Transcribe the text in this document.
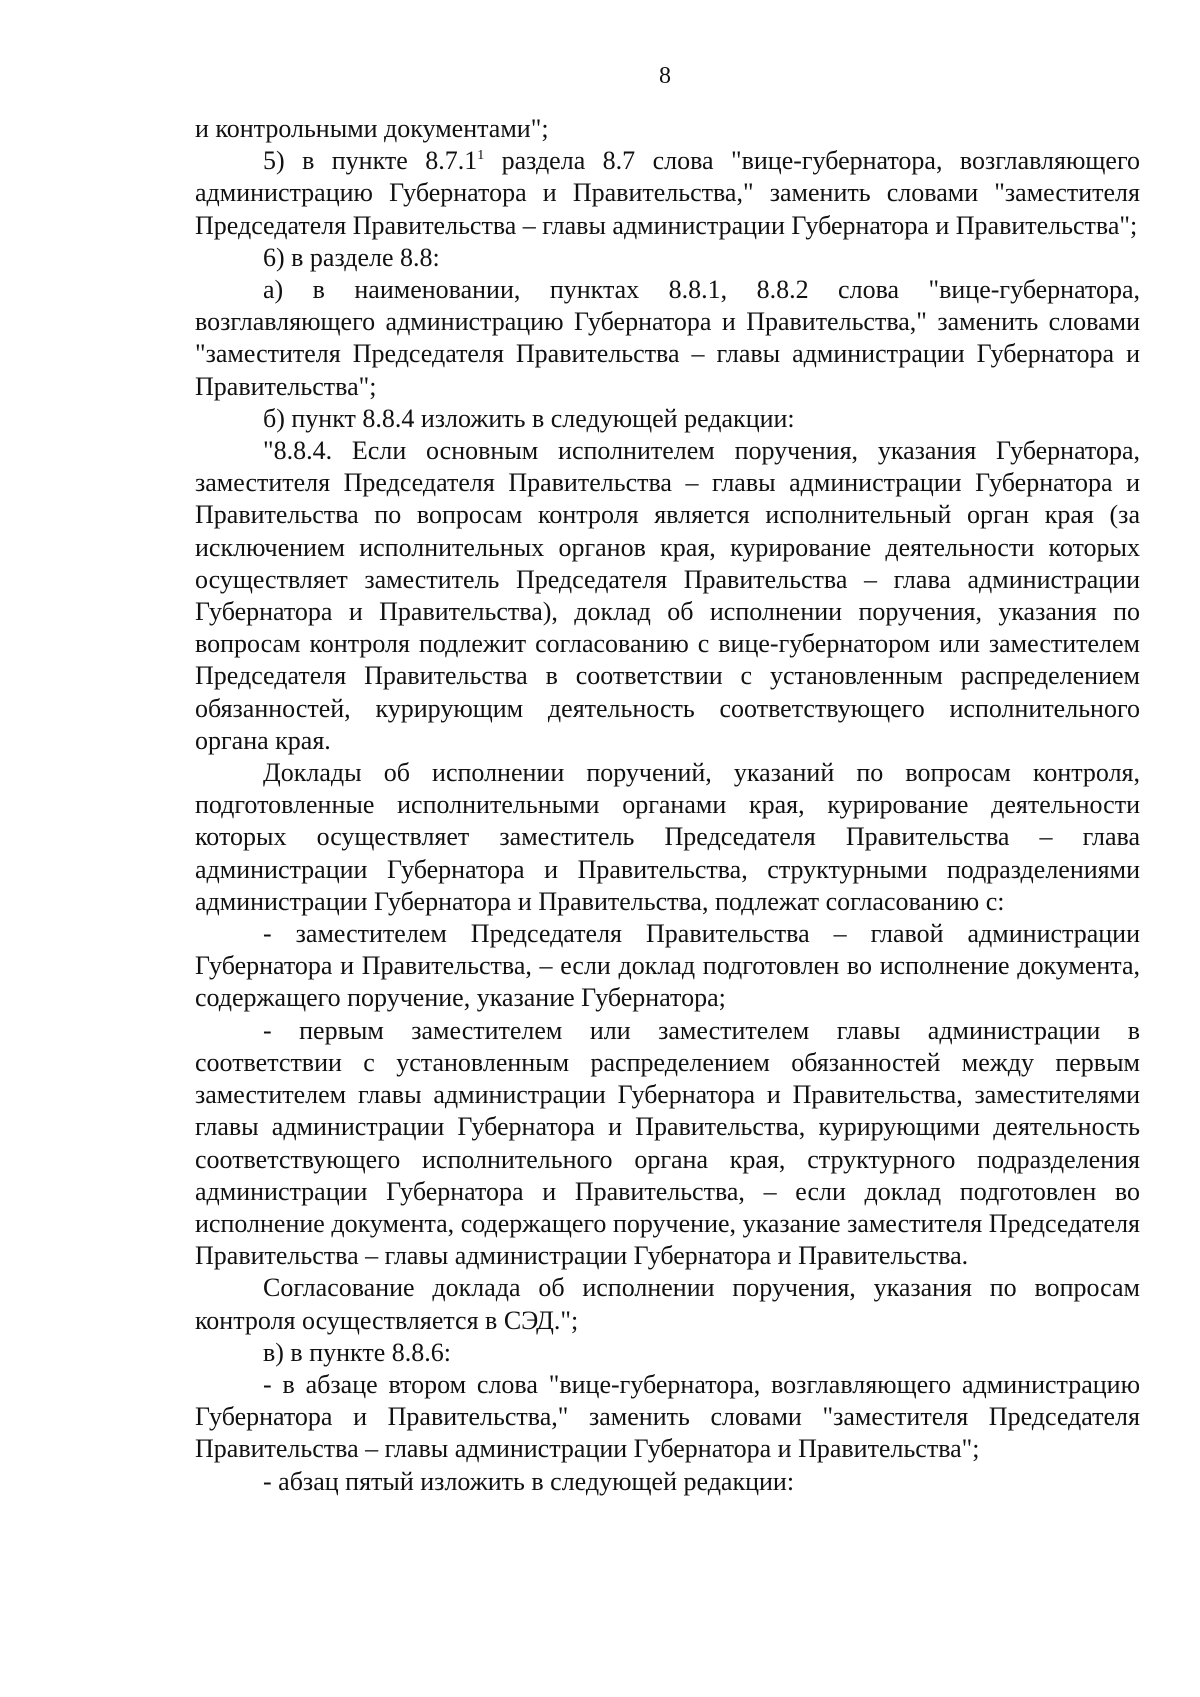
8

и контрольными документами";

5) в пункте 8.7.1$^1$ раздела 8.7 слова "вице-губернатора, возглавляющего администрацию Губернатора и Правительства," заменить словами "заместителя Председателя Правительства – главы администрации Губернатора и Правительства";

6) в разделе 8.8:

а) в наименовании, пунктах 8.8.1, 8.8.2 слова "вице-губернатора, возглавляющего администрацию Губернатора и Правительства," заменить словами "заместителя Председателя Правительства – главы администрации Губернатора и Правительства";

б) пункт 8.8.4 изложить в следующей редакции:

"8.8.4. Если основным исполнителем поручения, указания Губернатора, заместителя Председателя Правительства – главы администрации Губернатора и Правительства по вопросам контроля является исполнительный орган края (за исключением исполнительных органов края, курирование деятельности которых осуществляет заместитель Председателя Правительства – глава администрации Губернатора и Правительства), доклад об исполнении поручения, указания по вопросам контроля подлежит согласованию с вице-губернатором или заместителем Председателя Правительства в соответствии с установленным распределением обязанностей, курирующим деятельность соответствующего исполнительного органа края.

Доклады об исполнении поручений, указаний по вопросам контроля, подготовленные исполнительными органами края, курирование деятельности которых осуществляет заместитель Председателя Правительства – глава администрации Губернатора и Правительства, структурными подразделениями администрации Губернатора и Правительства, подлежат согласованию с:

- заместителем Председателя Правительства – главой администрации Губернатора и Правительства, – если доклад подготовлен во исполнение документа, содержащего поручение, указание Губернатора;

- первым заместителем или заместителем главы администрации в соответствии с установленным распределением обязанностей между первым заместителем главы администрации Губернатора и Правительства, заместителями главы администрации Губернатора и Правительства, курирующими деятельность соответствующего исполнительного органа края, структурного подразделения администрации Губернатора и Правительства, – если доклад подготовлен во исполнение документа, содержащего поручение, указание заместителя Председателя Правительства – главы администрации Губернатора и Правительства.

Согласование доклада об исполнении поручения, указания по вопросам контроля осуществляется в СЭД.";

в) в пункте 8.8.6:

- в абзаце втором слова "вице-губернатора, возглавляющего администрацию Губернатора и Правительства," заменить словами "заместителя Председателя Правительства – главы администрации Губернатора и Правительства";

- абзац пятый изложить в следующей редакции:
